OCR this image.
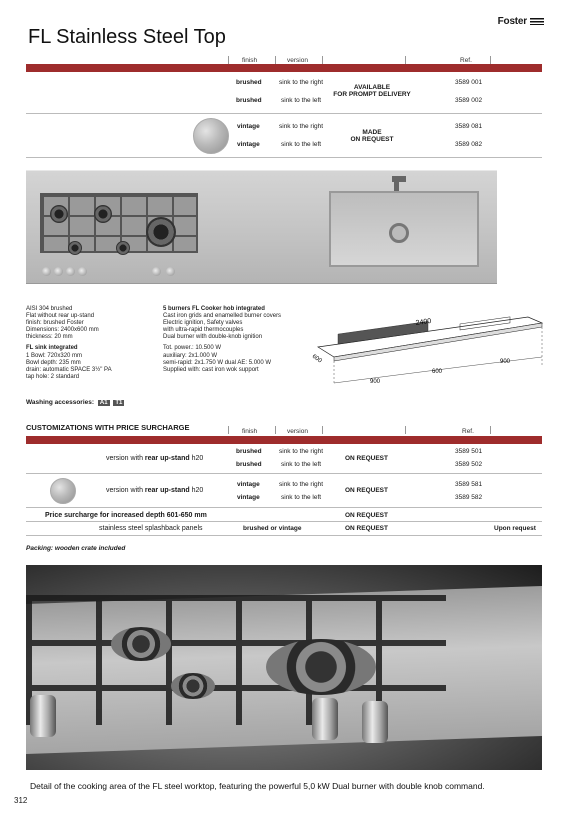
Foster
FL Stainless Steel Top
finish	version	Ref.
brushed	sink to the right	3589 001
AVAILABLE
FOR PROMPT DELIVERY
brushed	sink to the left	3589 002
vintage	sink to the right	3589 081
MADE
ON REQUEST
vintage	sink to the left	3589 082
AISI 304 brushed
Flat without rear up-stand
finish: brushed Foster
Dimensions: 2400x600 mm
thickness: 20 mm
FL sink integrated
1 Bowl: 720x320 mm
Bowl depth: 235 mm
drain: automatic SPACE 3½" PA
tap hole: 2 standard
5 burners FL Cooker hob integrated
Cast iron grids and enamelled burner covers
Electric ignition, Safety valves
with ultra-rapid thermocouples
Dual burner with double-knob ignition
Tot. power.: 10.500 W
auxiliary: 2x1.000 W
semi-rapid: 2x1.750 W dual AE: 5.000 W
Supplied with: cast iron wok support
2400
600
900
600
900
Washing accessories: A1 T1
CUSTOMIZATIONS WITH PRICE SURCHARGE	finish	version	Ref.
version with rear up-stand h20
brushed	sink to the right	3589 501
ON REQUEST
brushed	sink to the left	3589 502
version with rear up-stand h20
vintage	sink to the right	3589 581
ON REQUEST
vintage	sink to the left	3589 582
Price surcharge for increased depth 601-650 mm	ON REQUEST
stainless steel splashback panels	brushed or vintage	ON REQUEST	Upon request
Packing: wooden crate included
Detail of the cooking area of the FL steel worktop, featuring the powerful 5,0 kW Dual burner with double knob command.
312
